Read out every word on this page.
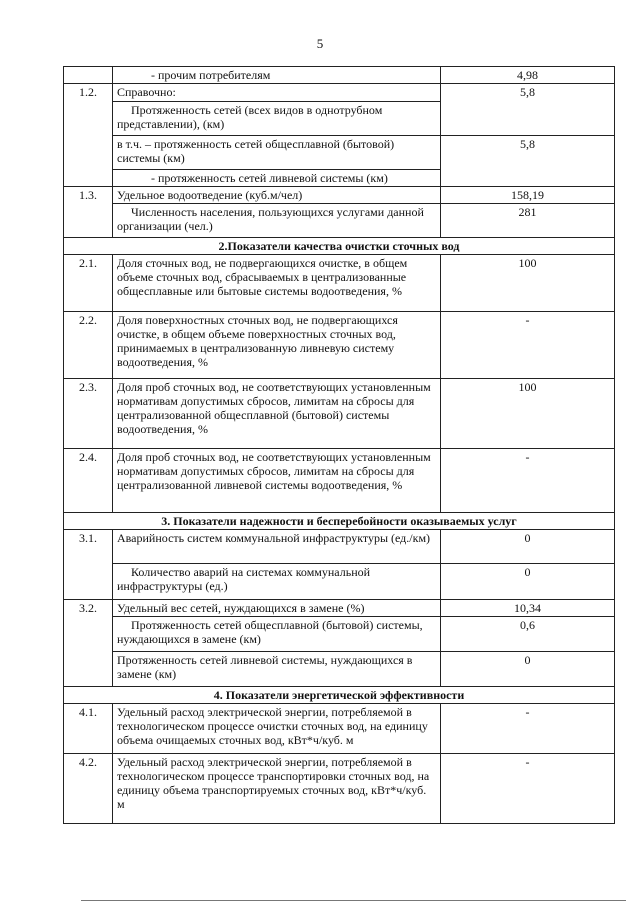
5
	- прочим потребителям	4,98
1.2.	Справочно:	5,8
	Протяженность сетей (всех видов в однотрубном представлении), (км)	
	в т.ч. – протяженность сетей общесплавной (бытовой) системы (км)	5,8
	- протяженность сетей ливневой системы (км)	
1.3.	Удельное водоотведение (куб.м/чел)	158,19
	Численность населения, пользующихся услугами данной организации (чел.)	281
2.Показатели качества очистки сточных вод		
2.1.	Доля сточных вод, не подвергающихся очистке, в общем объеме сточных вод, сбрасываемых в централизованные общесплавные или бытовые системы водоотведения, %	100
2.2.	Доля поверхностных сточных вод, не подвергающихся очистке, в общем объеме поверхностных сточных вод, принимаемых в централизованную ливневую систему водоотведения, %	-
2.3.	Доля проб сточных вод, не соответствующих установленным нормативам допустимых сбросов, лимитам на сбросы для централизованной общесплавной (бытовой) системы водоотведения, %	100
2.4.	Доля проб сточных вод, не соответствующих установленным нормативам допустимых сбросов, лимитам на сбросы для централизованной ливневой системы водоотведения, %	-
3. Показатели надежности и бесперебойности оказываемых услуг		
3.1.	Аварийность систем коммунальной инфраструктуры (ед./км)	0
	Количество аварий на системах коммунальной инфраструктуры (ед.)	0
3.2.	Удельный вес сетей, нуждающихся в замене (%)	10,34
	Протяженность сетей общесплавной (бытовой) системы, нуждающихся в замене (км)	0,6
	Протяженность сетей ливневой системы, нуждающихся в замене (км)	0
4. Показатели энергетической эффективности		
4.1.	Удельный расход электрической энергии, потребляемой в технологическом процессе очистки сточных вод, на единицу объема очищаемых сточных вод, кВт*ч/куб. м	-
4.2.	Удельный расход электрической энергии, потребляемой в технологическом процессе транспортировки сточных вод, на единицу объема транспортируемых сточных вод, кВт*ч/куб. м	-
